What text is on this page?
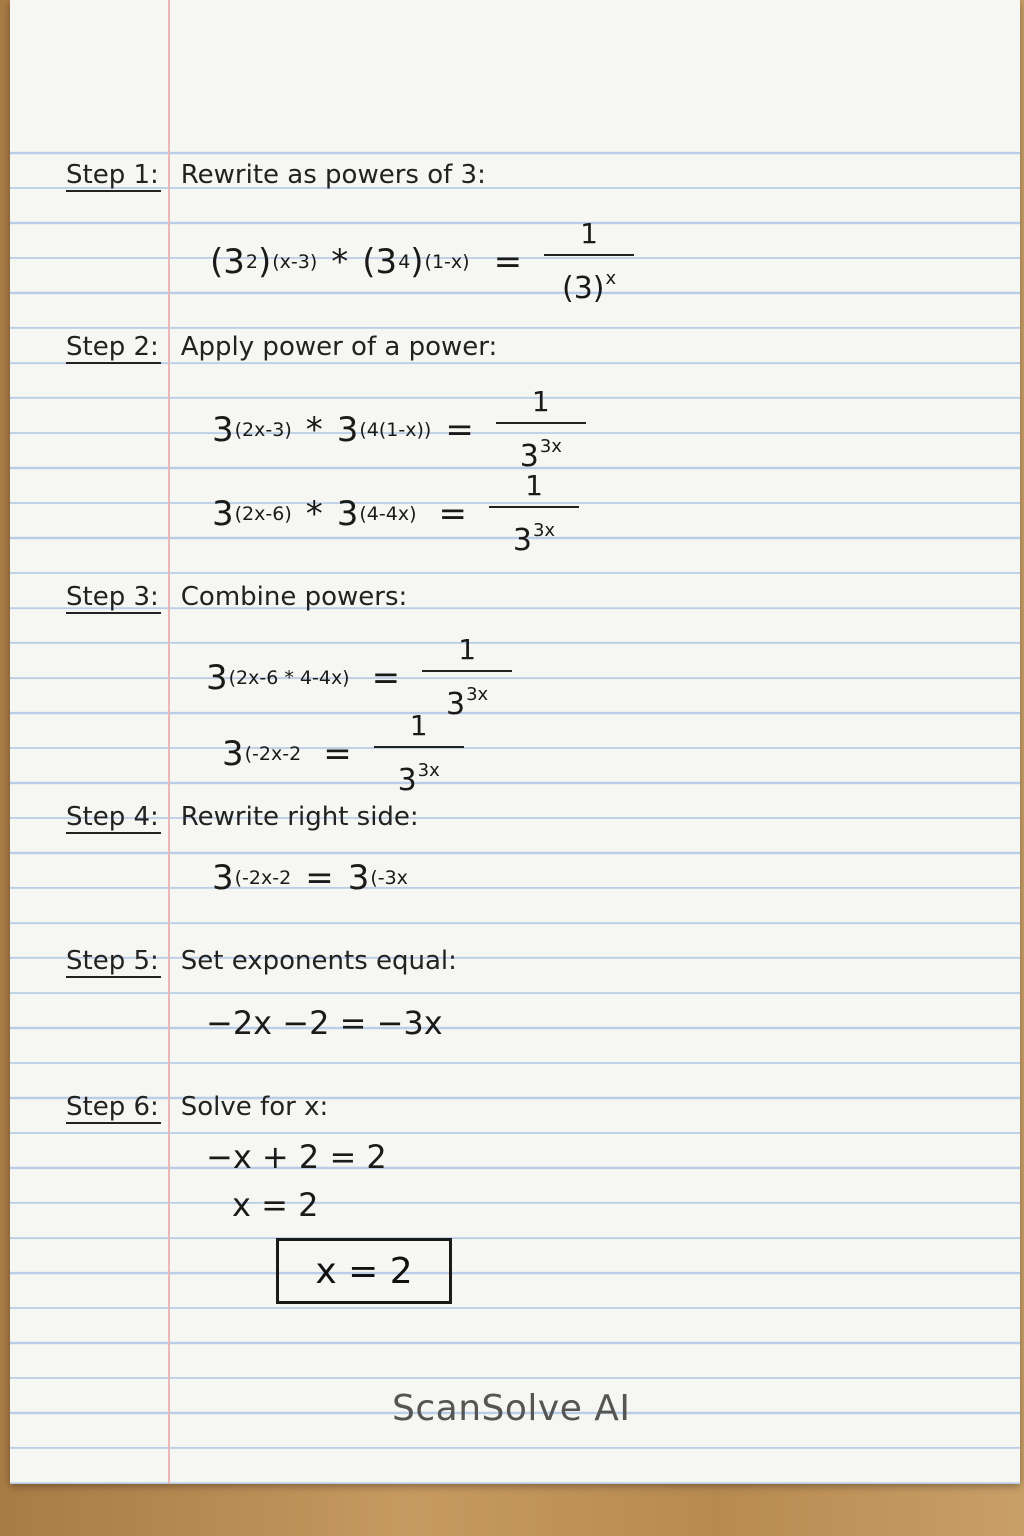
Step 1: Rewrite as powers of 3:
(3 2 ) (x-3) * (3 4 ) $(1-x) = \frac{1}{(3)^x}$
Step 2: Apply power of a power:
3 (2x-3) * 3 $(4(1-x)) = \frac{1}{3^{3x}}$
3 (2x-6) * 3 $(4-4x) = \frac{1}{3^{3x}}$
Step 3: Combine powers:
3 $(2x-6 * 4-4x) = \frac{1}{3^{3x}}$
3 ($-2x-2 = \frac{1}{3^{3x}}$
Step 4: Rewrite right side:
3 (-2x-2 = 3 (-3x
Step 5: Set exponents equal:
−2x −2 = −3x
Step 6: Solve for x:
−x + 2 = 2
x = 2
x = 2
ScanSolve AI
